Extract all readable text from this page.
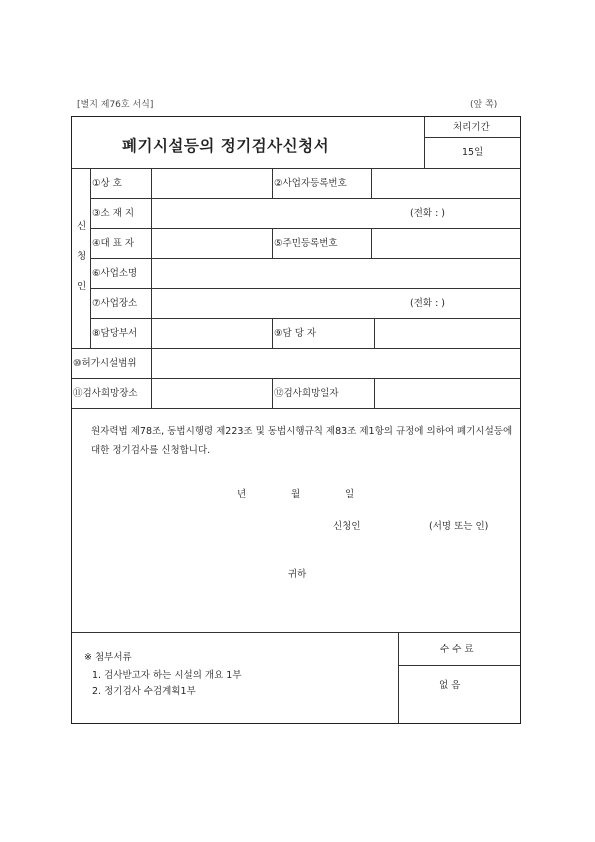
[별지 제76호 서식]	(앞 쪽)
폐기시설등의 정기검사신청서
처리기간
15일
신
청
인
①상 호	②사업자등록번호
③소 재 지	(전화 : )
④대 표 자	⑤주민등록번호
⑥사업소명
⑦사업장소	(전화 : )
⑧담당부서	⑨담 당 자
⑩허가시설범위
⑪검사희망장소	⑫검사희망일자
원자력법 제78조, 동법시행령 제223조 및 동법시행규칙 제83조 제1항의 규정에 의하여 폐기시설등에 대한 정기검사를 신청합니다.
년	월	일
신청인	(서명 또는 인)
귀하
※ 첨부서류
1. 검사받고자 하는 시설의 개요 1부
2. 정기검사 수검계획1부
수 수 료
없 음
